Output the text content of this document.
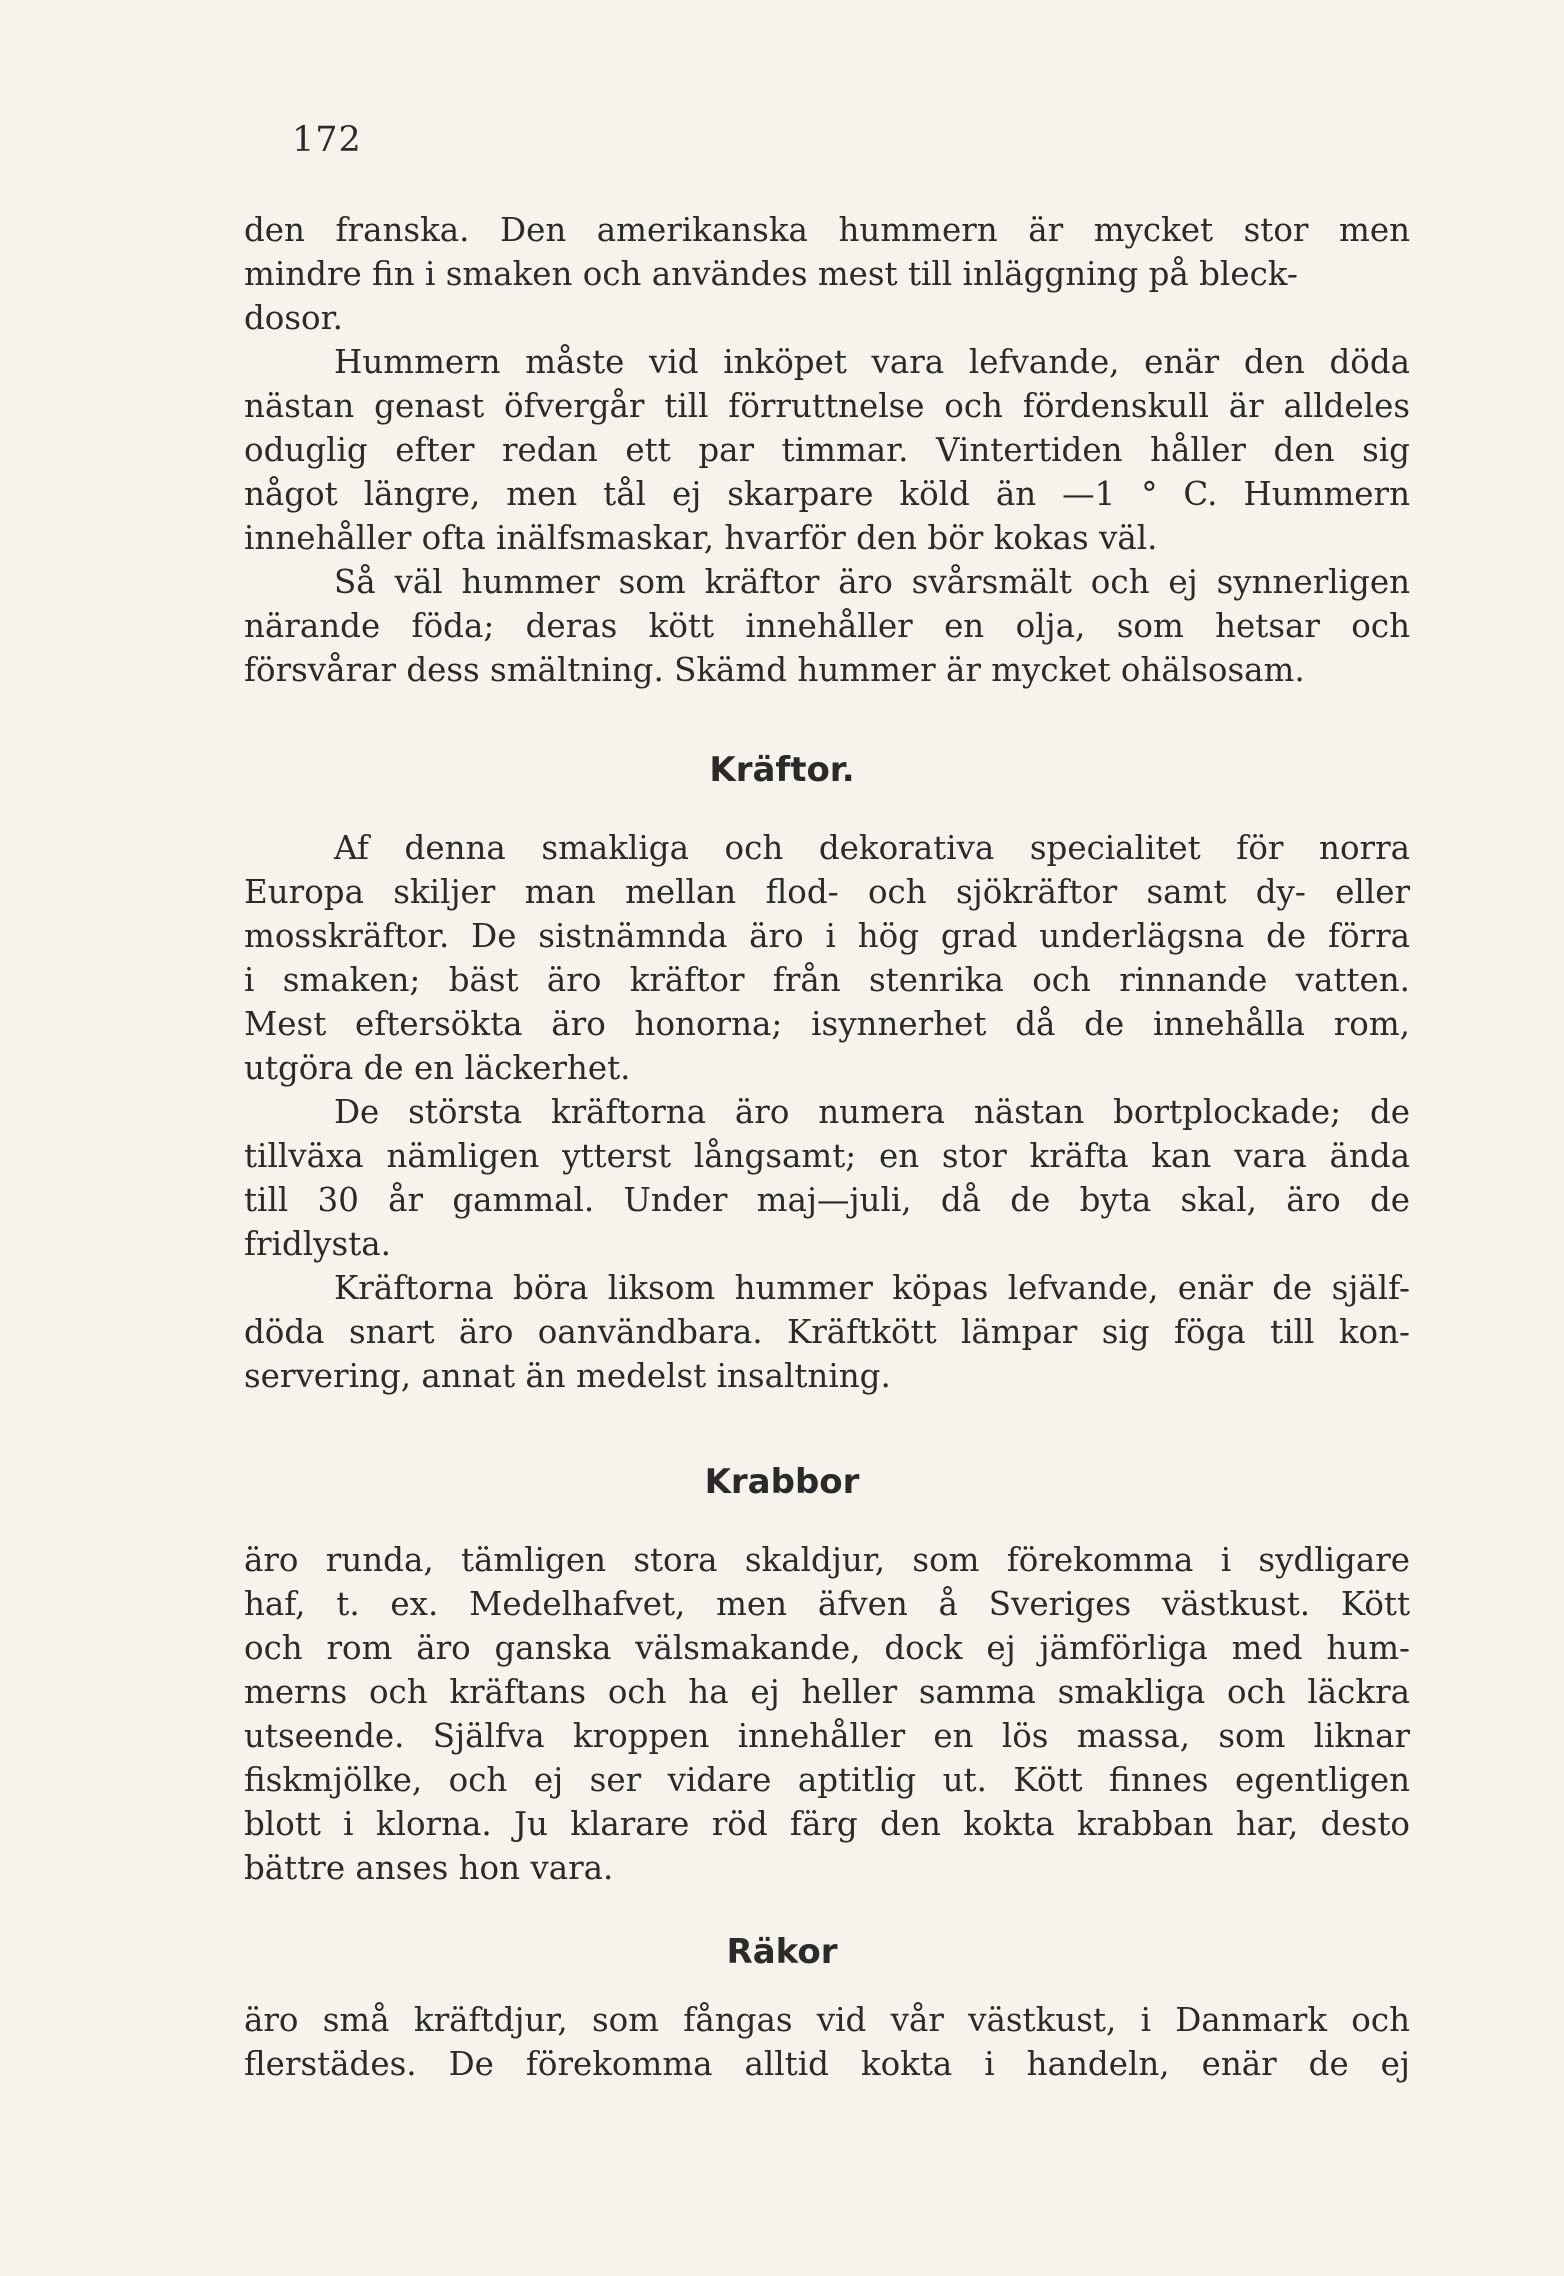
172
den franska. Den amerikanska hummern är mycket stor men
mindre fin i smaken och användes mest till inläggning på bleck-
dosor.
Hummern måste vid inköpet vara lefvande, enär den döda
nästan genast öfvergår till förruttnelse och fördenskull är alldeles
oduglig efter redan ett par timmar. Vintertiden håller den sig
något längre, men tål ej skarpare köld än —1 ° C. Hummern
innehåller ofta inälfsmaskar, hvarför den bör kokas väl.
Så väl hummer som kräftor äro svårsmält och ej synnerligen
närande föda; deras kött innehåller en olja, som hetsar och
försvårar dess smältning. Skämd hummer är mycket ohälsosam.
Kräftor.
Af denna smakliga och dekorativa specialitet för norra
Europa skiljer man mellan flod- och sjökräftor samt dy- eller
mosskräftor. De sistnämnda äro i hög grad underlägsna de förra
i smaken; bäst äro kräftor från stenrika och rinnande vatten.
Mest eftersökta äro honorna; isynnerhet då de innehålla rom,
utgöra de en läckerhet.
De största kräftorna äro numera nästan bortplockade; de
tillväxa nämligen ytterst långsamt; en stor kräfta kan vara ända
till 30 år gammal. Under maj—juli, då de byta skal, äro de
fridlysta.
Kräftorna böra liksom hummer köpas lefvande, enär de själf-
döda snart äro oanvändbara. Kräftkött lämpar sig föga till kon-
servering, annat än medelst insaltning.
Krabbor
äro runda, tämligen stora skaldjur, som förekomma i sydligare
haf, t. ex. Medelhafvet, men äfven å Sveriges västkust. Kött
och rom äro ganska välsmakande, dock ej jämförliga med hum-
merns och kräftans och ha ej heller samma smakliga och läckra
utseende. Själfva kroppen innehåller en lös massa, som liknar
fiskmjölke, och ej ser vidare aptitlig ut. Kött finnes egentligen
blott i klorna. Ju klarare röd färg den kokta krabban har, desto
bättre anses hon vara.
Räkor
äro små kräftdjur, som fångas vid vår västkust, i Danmark och
flerstädes. De förekomma alltid kokta i handeln, enär de ej
